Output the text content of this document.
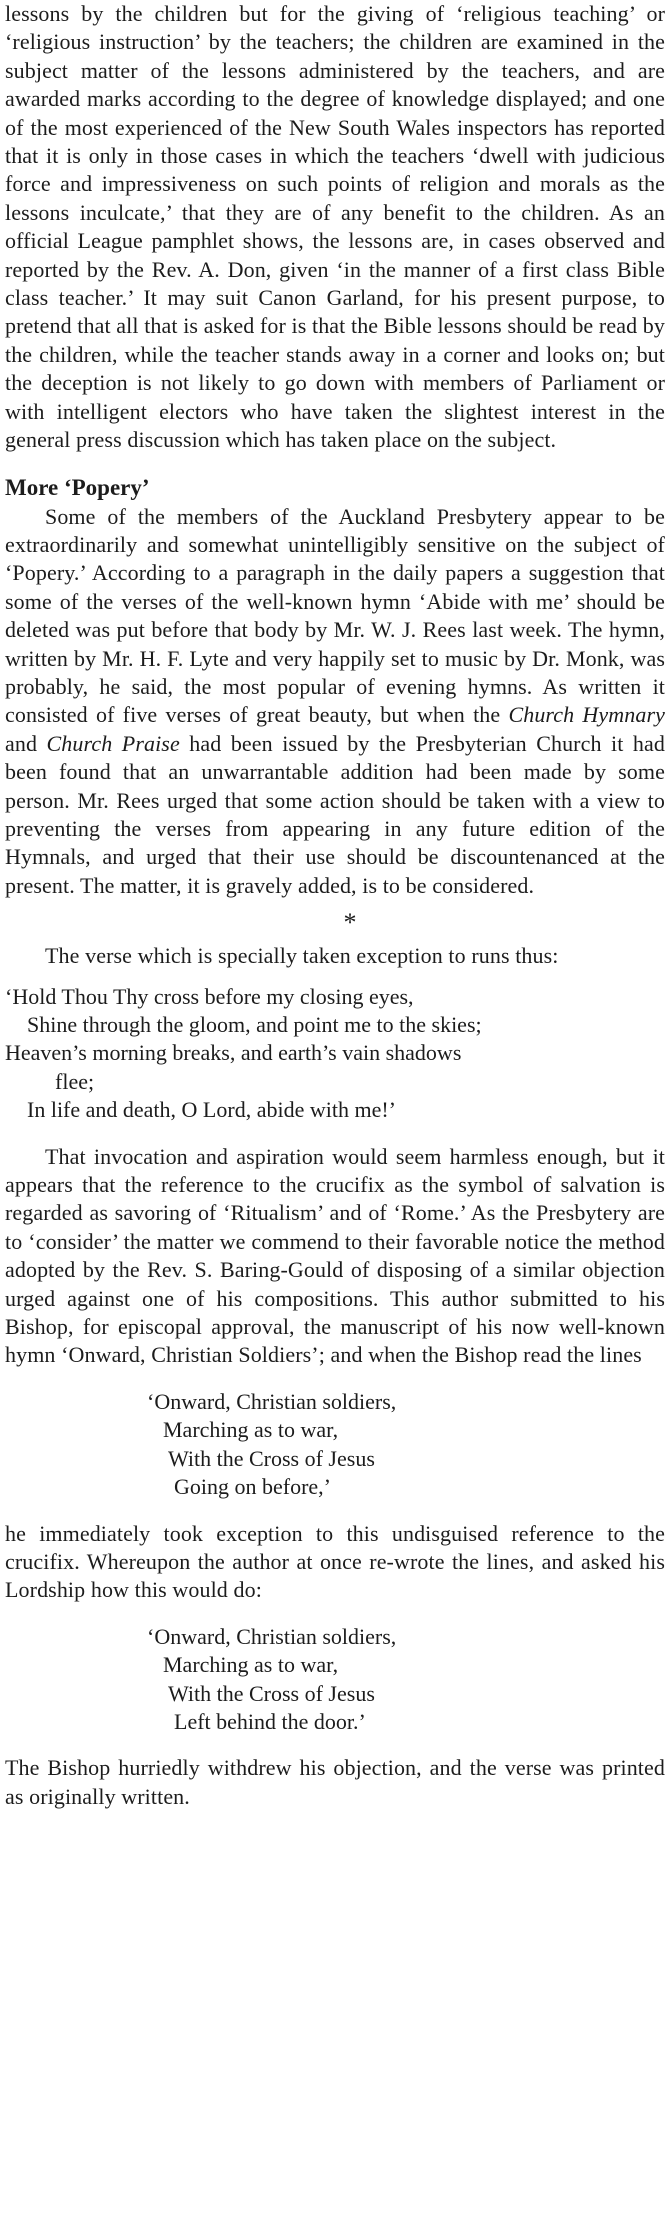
lessons by the children but for the giving of ‘religious teaching’ or ‘religious instruction’ by the teachers; the children are examined in the subject matter of the lessons administered by the teachers, and are awarded marks according to the degree of knowledge displayed; and one of the most experienced of the New South Wales inspectors has reported that it is only in those cases in which the teachers ‘dwell with judicious force and impressiveness on such points of religion and morals as the lessons inculcate,’ that they are of any benefit to the children. As an official League pamphlet shows, the lessons are, in cases observed and reported by the Rev. A. Don, given ‘in the manner of a first class Bible class teacher.’ It may suit Canon Garland, for his present purpose, to pretend that all that is asked for is that the Bible lessons should be read by the children, while the teacher stands away in a corner and looks on; but the deception is not likely to go down with members of Parliament or with intelligent electors who have taken the slightest interest in the general press discussion which has taken place on the subject.

More ‘Popery’

Some of the members of the Auckland Presbytery appear to be extraordinarily and somewhat unintelligibly sensitive on the subject of ‘Popery.’ According to a paragraph in the daily papers a suggestion that some of the verses of the well-known hymn ‘Abide with me’ should be deleted was put before that body by Mr. W. J. Rees last week. The hymn, written by Mr. H. F. Lyte and very happily set to music by Dr. Monk, was probably, he said, the most popular of evening hymns. As written it consisted of five verses of great beauty, but when the Church Hymnary and Church Praise had been issued by the Presbyterian Church it had been found that an unwarrantable addition had been made by some person. Mr. Rees urged that some action should be taken with a view to preventing the verses from appearing in any future edition of the Hymnals, and urged that their use should be discountenanced at the present. The matter, it is gravely added, is to be considered.

*

The verse which is specially taken exception to runs thus:

‘Hold Thou Thy cross before my closing eyes,
Shine through the gloom, and point me to the skies;
Heaven’s morning breaks, and earth’s vain shadows
flee;
In life and death, O Lord, abide with me!’

That invocation and aspiration would seem harmless enough, but it appears that the reference to the crucifix as the symbol of salvation is regarded as savoring of ‘Ritualism’ and of ‘Rome.’ As the Presbytery are to ‘consider’ the matter we commend to their favorable notice the method adopted by the Rev. S. Baring-Gould of disposing of a similar objection urged against one of his compositions. This author submitted to his Bishop, for episcopal approval, the manuscript of his now well-known hymn ‘Onward, Christian Soldiers’; and when the Bishop read the lines

‘Onward, Christian soldiers,
Marching as to war,
With the Cross of Jesus
Going on before,’

he immediately took exception to this undisguised reference to the crucifix. Whereupon the author at once re-wrote the lines, and asked his Lordship how this would do:

‘Onward, Christian soldiers,
Marching as to war,
With the Cross of Jesus
Left behind the door.’

The Bishop hurriedly withdrew his objection, and the verse was printed as originally written.
